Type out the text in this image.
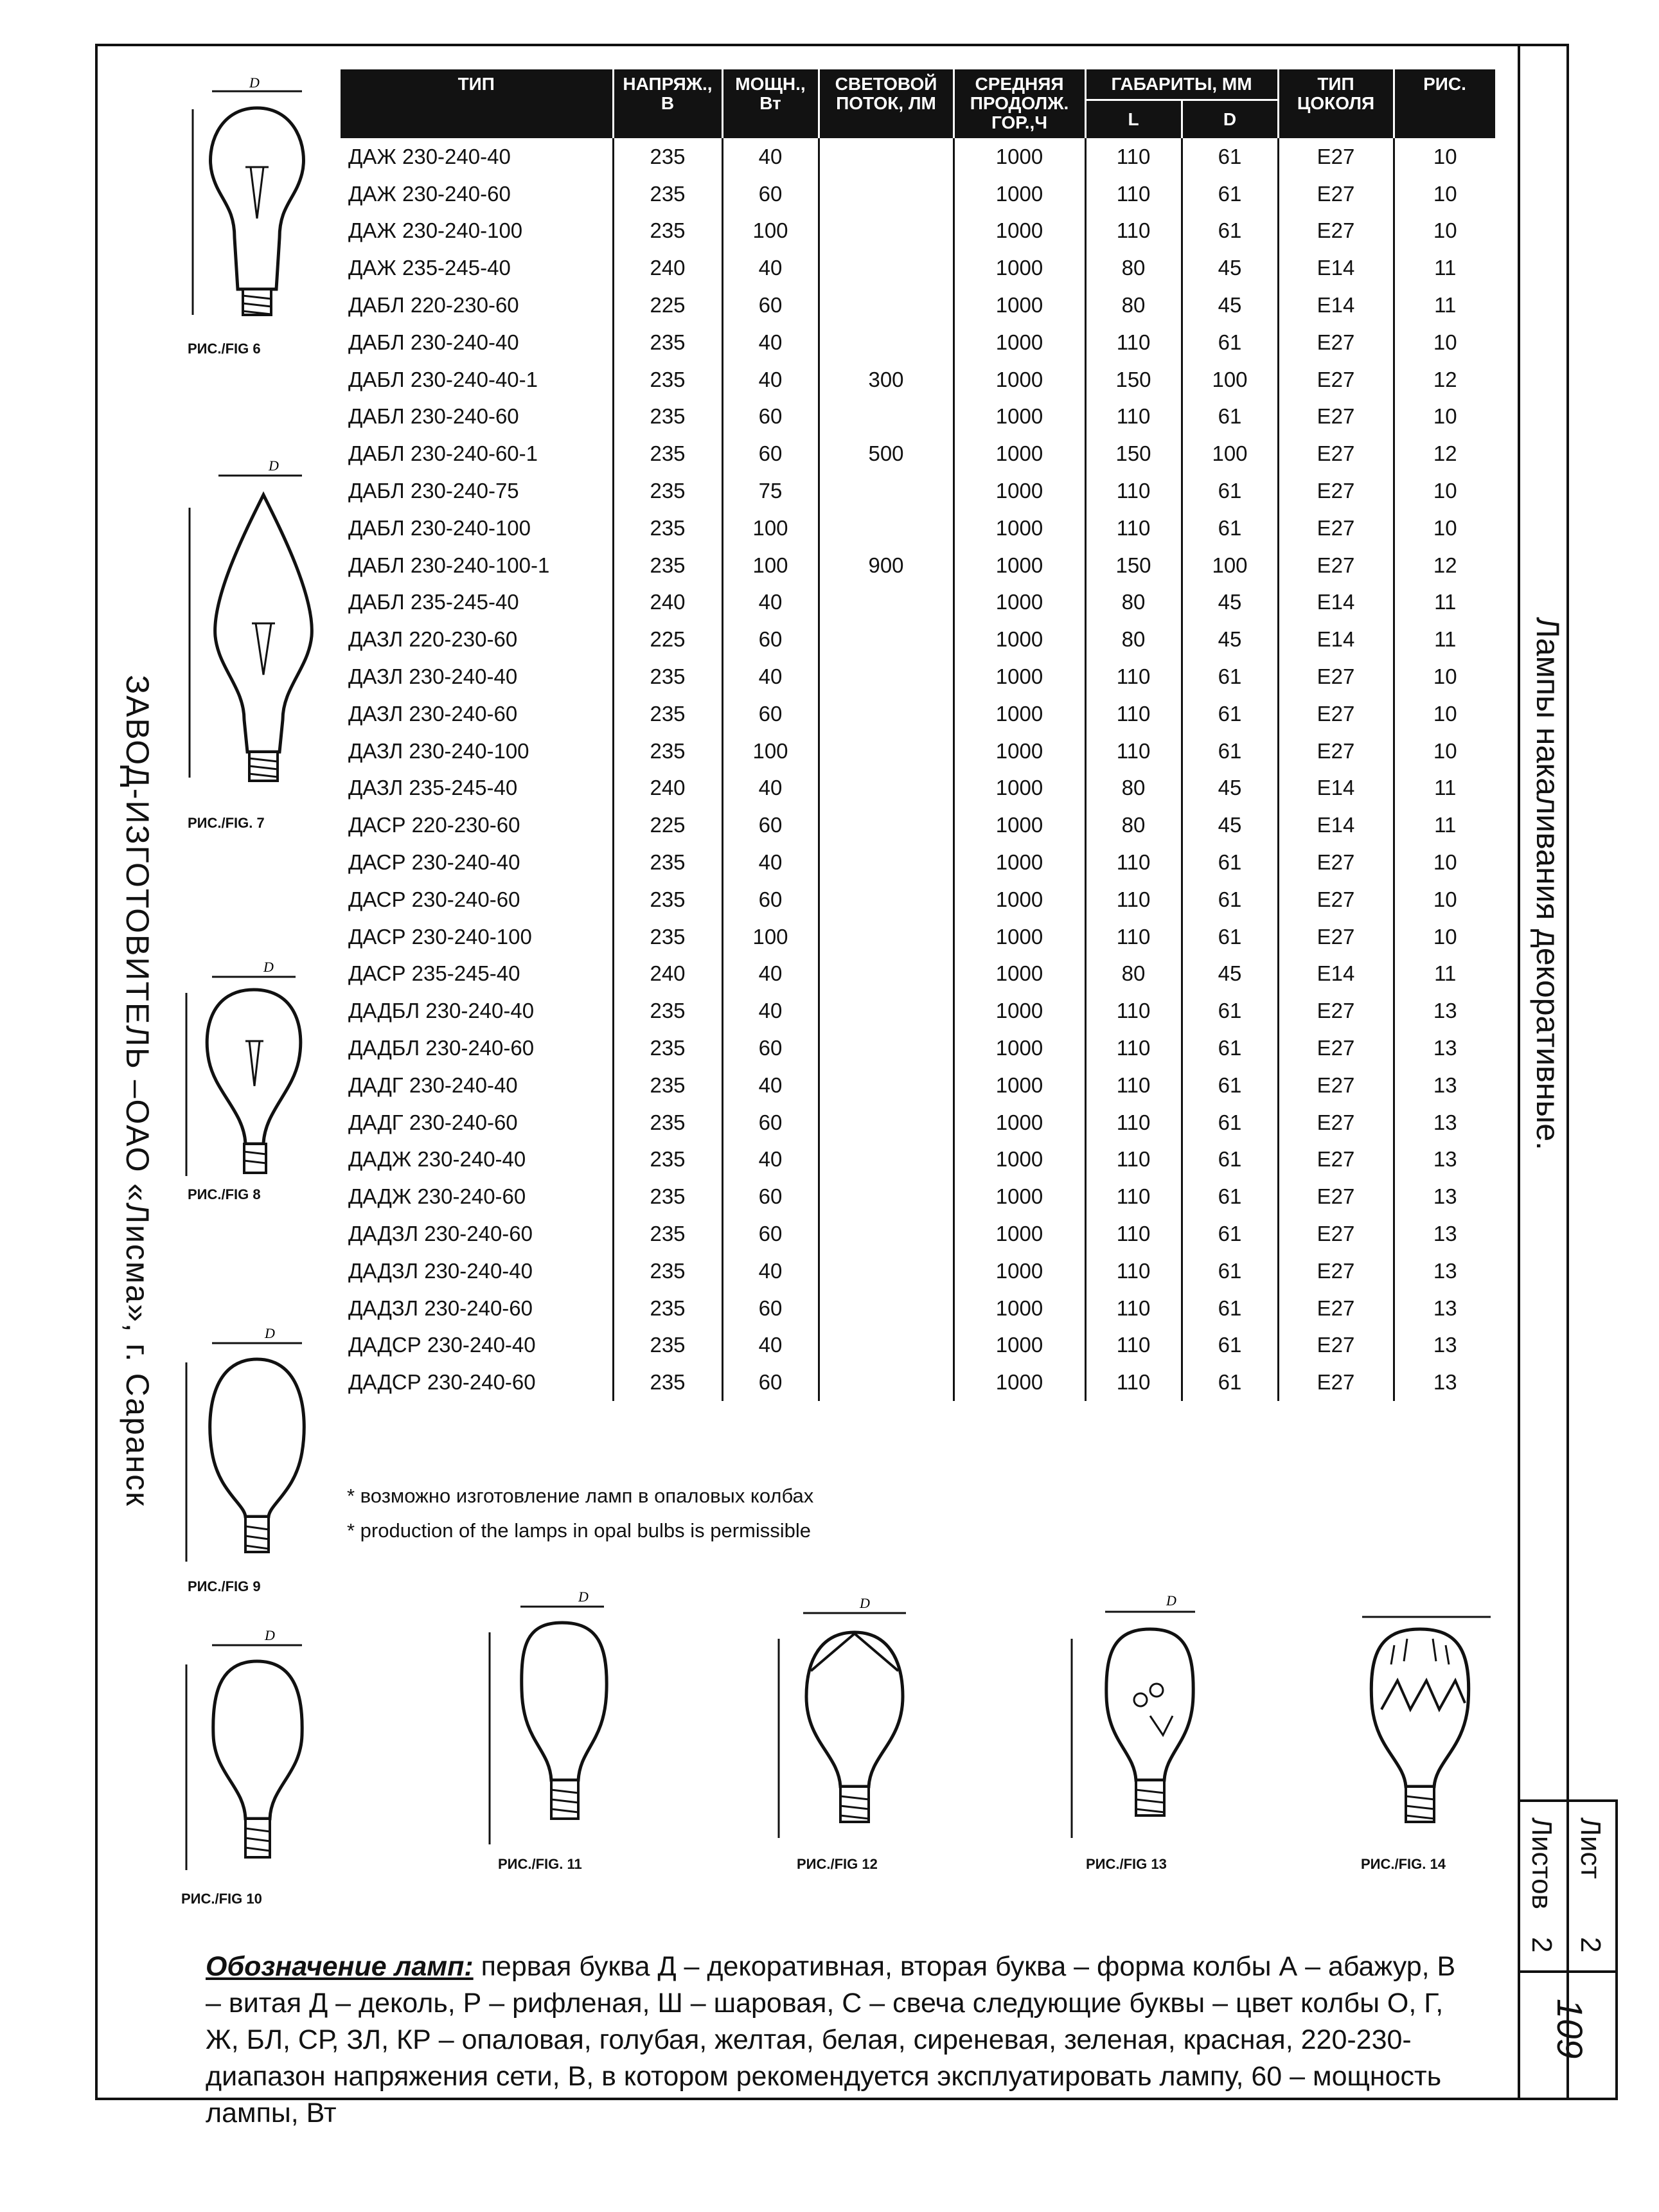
ЗАВОД-ИЗГОТОВИТЕЛЬ –ОАО «Лисма», г. Саранск	Лампы накаливания декоративные.
D
РИС./FIG 6
D
РИС./FIG. 7
D
РИС./FIG 8
D
РИС./FIG 9
D
РИС./FIG 10
D
РИС./FIG. 11
D
РИС./FIG 12
D
РИС./FIG 13	РИС./FIG. 14
ТИП	НАПРЯЖ., В	МОЩН., Вт	СВЕТОВОЙ ПОТОК, ЛМ	СРЕДНЯЯ ПРОДОЛЖ. ГОР.,Ч	ГАБАРИТЫ, ММ		ТИП ЦОКОЛЯ	РИС.
					L	D		
ДАЖ 230-240-40	235	40		1000	110	61	E27	10
ДАЖ 230-240-60	235	60		1000	110	61	E27	10
ДАЖ 230-240-100	235	100		1000	110	61	E27	10
ДАЖ 235-245-40	240	40		1000	80	45	E14	11
ДАБЛ 220-230-60	225	60		1000	80	45	E14	11
ДАБЛ 230-240-40	235	40		1000	110	61	E27	10
ДАБЛ 230-240-40-1	235	40	300	1000	150	100	E27	12
ДАБЛ 230-240-60	235	60		1000	110	61	E27	10
ДАБЛ 230-240-60-1	235	60	500	1000	150	100	E27	12
ДАБЛ 230-240-75	235	75		1000	110	61	E27	10
ДАБЛ 230-240-100	235	100		1000	110	61	E27	10
ДАБЛ 230-240-100-1	235	100	900	1000	150	100	E27	12
ДАБЛ 235-245-40	240	40		1000	80	45	E14	11
ДАЗЛ 220-230-60	225	60		1000	80	45	E14	11
ДАЗЛ 230-240-40	235	40		1000	110	61	E27	10
ДАЗЛ 230-240-60	235	60		1000	110	61	E27	10
ДАЗЛ 230-240-100	235	100		1000	110	61	E27	10
ДАЗЛ 235-245-40	240	40		1000	80	45	E14	11
ДАСР 220-230-60	225	60		1000	80	45	E14	11
ДАСР 230-240-40	235	40		1000	110	61	E27	10
ДАСР 230-240-60	235	60		1000	110	61	E27	10
ДАСР 230-240-100	235	100		1000	110	61	E27	10
ДАСР 235-245-40	240	40		1000	80	45	E14	11
ДАДБЛ 230-240-40	235	40		1000	110	61	E27	13
ДАДБЛ 230-240-60	235	60		1000	110	61	E27	13
ДАДГ 230-240-40	235	40		1000	110	61	E27	13
ДАДГ 230-240-60	235	60		1000	110	61	E27	13
ДАДЖ 230-240-40	235	40		1000	110	61	E27	13
ДАДЖ 230-240-60	235	60		1000	110	61	E27	13
ДАДЗЛ 230-240-60	235	60		1000	110	61	E27	13
ДАДЗЛ 230-240-40	235	40		1000	110	61	E27	13
ДАДЗЛ 230-240-60	235	60		1000	110	61	E27	13
ДАДСР 230-240-40	235	40		1000	110	61	E27	13
ДАДСР 230-240-60	235	60		1000	110	61	E27	13
* возможно изготовление ламп в опаловых колбах
* production of the lamps in opal bulbs is permissible
Обозначение ламп: первая буква Д – декоративная, вторая буква – форма колбы А – абажур, В – витая Д – деколь, Р – рифленая, Ш – шаровая, С – свеча следующие буквы – цвет колбы О, Г, Ж, БЛ, СР, ЗЛ, КР – опаловая, голубая, желтая, белая, сиреневая, зеленая, красная, 220-230- диапазон напряжения сети, В, в котором рекомендуется эксплуатировать лампу, 60 – мощность лампы, Вт
Листов
2
Лист
2
109
